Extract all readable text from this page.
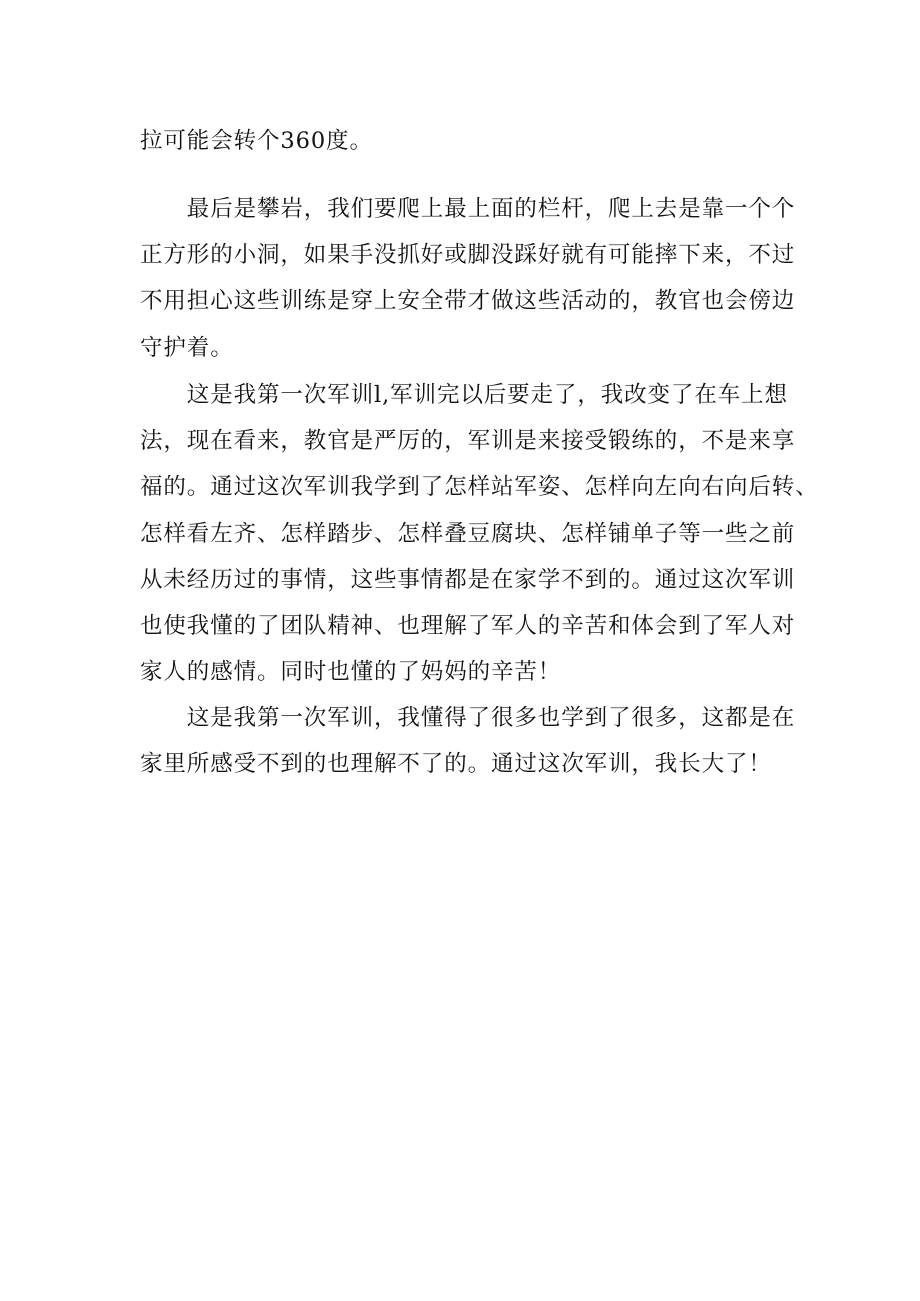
拉可能会转个360度。
　　最后是攀岩，我们要爬上最上面的栏杆，爬上去是靠一个个
正方形的小洞，如果手没抓好或脚没踩好就有可能摔下来，不过
不用担心这些训练是穿上安全带才做这些活动的，教官也会傍边
守护着。
　　这是我第一次军训l,军训完以后要走了，我改变了在车上想
法，现在看来，教官是严厉的，军训是来接受锻练的，不是来享
福的。通过这次军训我学到了怎样站军姿、怎样向左向右向后转、
怎样看左齐、怎样踏步、怎样叠豆腐块、怎样铺单子等一些之前
从未经历过的事情，这些事情都是在家学不到的。通过这次军训
也使我懂的了团队精神、也理解了军人的辛苦和体会到了军人对
家人的感情。同时也懂的了妈妈的辛苦！
　　这是我第一次军训，我懂得了很多也学到了很多，这都是在
家里所感受不到的也理解不了的。通过这次军训，我长大了！
